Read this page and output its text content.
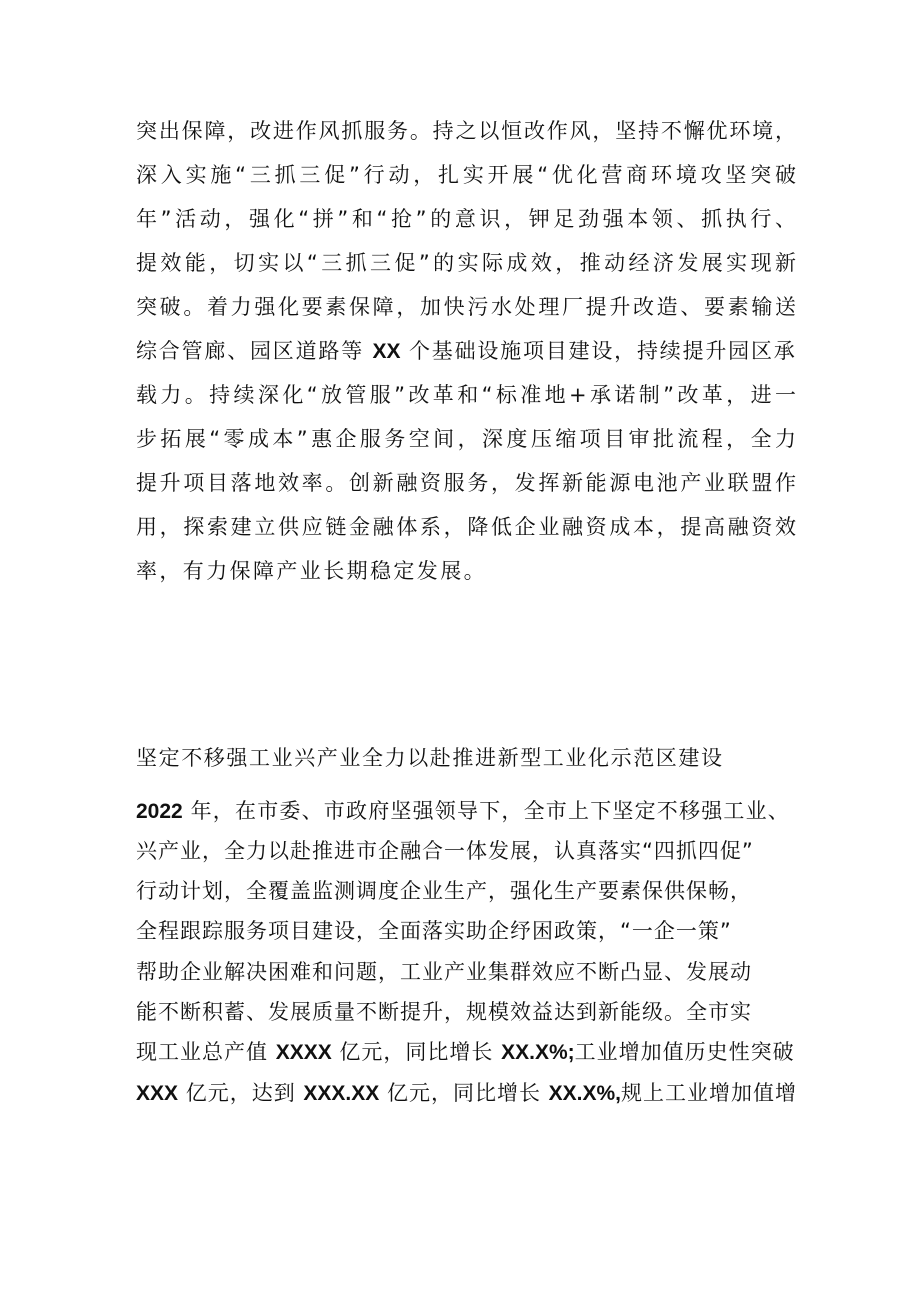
突出保障，改进作风抓服务。持之以恒改作风，坚持不懈优环境，
深入实施“三抓三促”行动，扎实开展“优化营商环境攻坚突破
年”活动，强化“拼”和“抢”的意识，钾足劲强本领、抓执行、
提效能，切实以“三抓三促”的实际成效，推动经济发展实现新
突破。着力强化要素保障，加快污水处理厂提升改造、要素输送
综合管廊、园区道路等 XX 个基础设施项目建设，持续提升园区承
载力。持续深化“放管服”改革和“标准地+承诺制”改革，进一
步拓展“零成本”惠企服务空间，深度压缩项目审批流程，全力
提升项目落地效率。创新融资服务，发挥新能源电池产业联盟作
用，探索建立供应链金融体系，降低企业融资成本，提高融资效
率，有力保障产业长期稳定发展。
坚定不移强工业兴产业全力以赴推进新型工业化示范区建设
2022 年，在市委、市政府坚强领导下，全市上下坚定不移强工业、
兴产业，全力以赴推进市企融合一体发展，认真落实“四抓四促”
行动计划，全覆盖监测调度企业生产，强化生产要素保供保畅，
全程跟踪服务项目建设，全面落实助企纾困政策，“一企一策”
帮助企业解决困难和问题，工业产业集群效应不断凸显、发展动
能不断积蓄、发展质量不断提升，规模效益达到新能级。全市实
现工业总产值 XXXX 亿元，同比增长 XX.X%;工业增加值历史性突破
XXX 亿元，达到 XXX.XX 亿元，同比增长 XX.X%,规上工业增加值增
